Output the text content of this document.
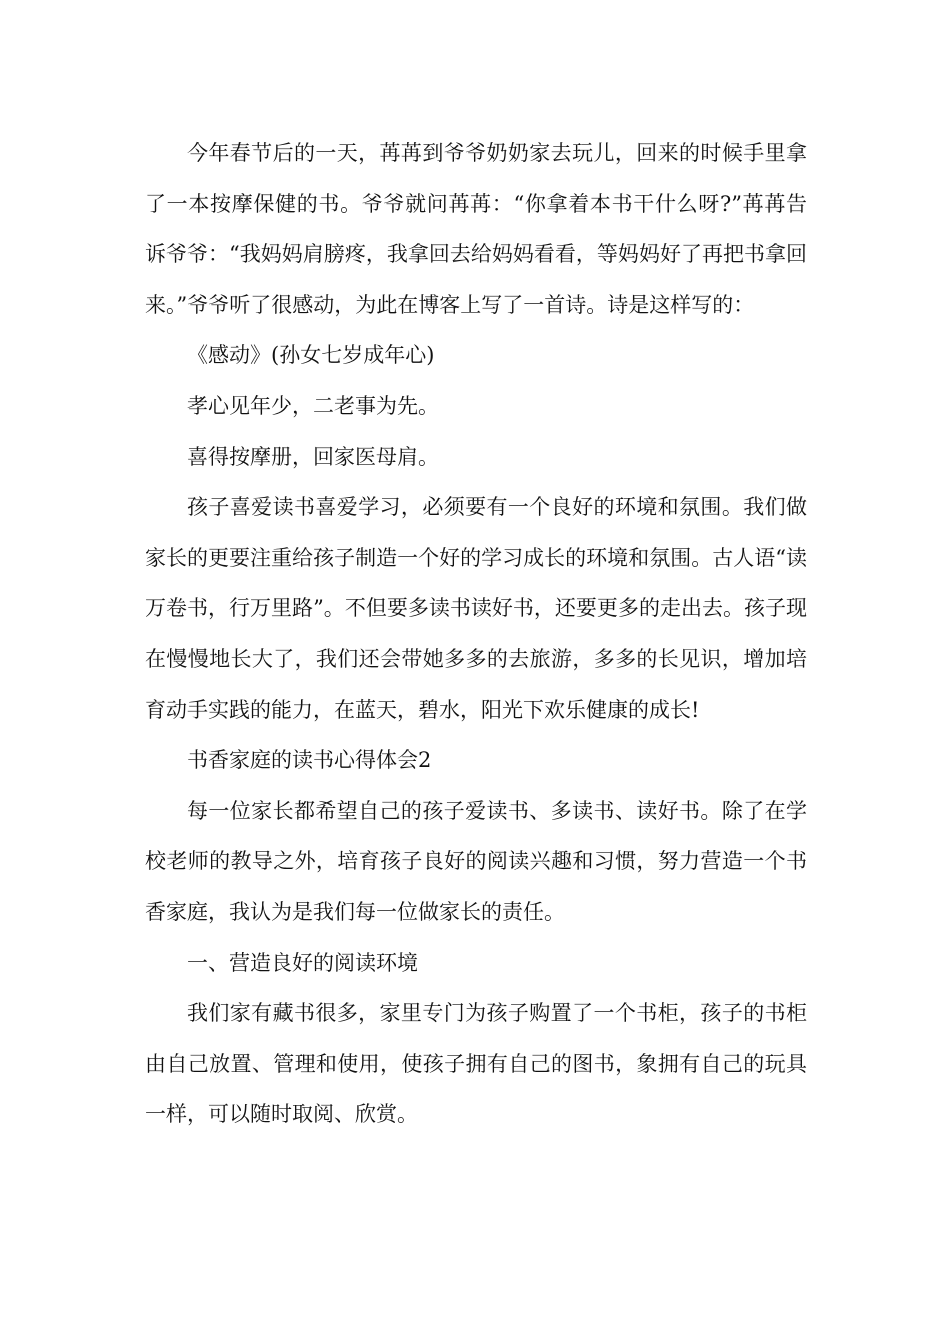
今年春节后的一天，苒苒到爷爷奶奶家去玩儿，回来的时候手里拿了一本按摩保健的书。爷爷就问苒苒：“你拿着本书干什么呀?”苒苒告诉爷爷：“我妈妈肩膀疼，我拿回去给妈妈看看，等妈妈好了再把书拿回来。”爷爷听了很感动，为此在博客上写了一首诗。诗是这样写的：

《感动》(孙女七岁成年心)

孝心见年少，二老事为先。

喜得按摩册，回家医母肩。

孩子喜爱读书喜爱学习，必须要有一个良好的环境和氛围。我们做家长的更要注重给孩子制造一个好的学习成长的环境和氛围。古人语“读万卷书，行万里路”。不但要多读书读好书，还要更多的走出去。孩子现在慢慢地长大了，我们还会带她多多的去旅游，多多的长见识，增加培育动手实践的能力，在蓝天，碧水，阳光下欢乐健康的成长!

书香家庭的读书心得体会2

每一位家长都希望自己的孩子爱读书、多读书、读好书。除了在学校老师的教导之外，培育孩子良好的阅读兴趣和习惯，努力营造一个书香家庭，我认为是我们每一位做家长的责任。

一、营造良好的阅读环境

我们家有藏书很多，家里专门为孩子购置了一个书柜，孩子的书柜由自己放置、管理和使用，使孩子拥有自己的图书，象拥有自己的玩具一样，可以随时取阅、欣赏。
